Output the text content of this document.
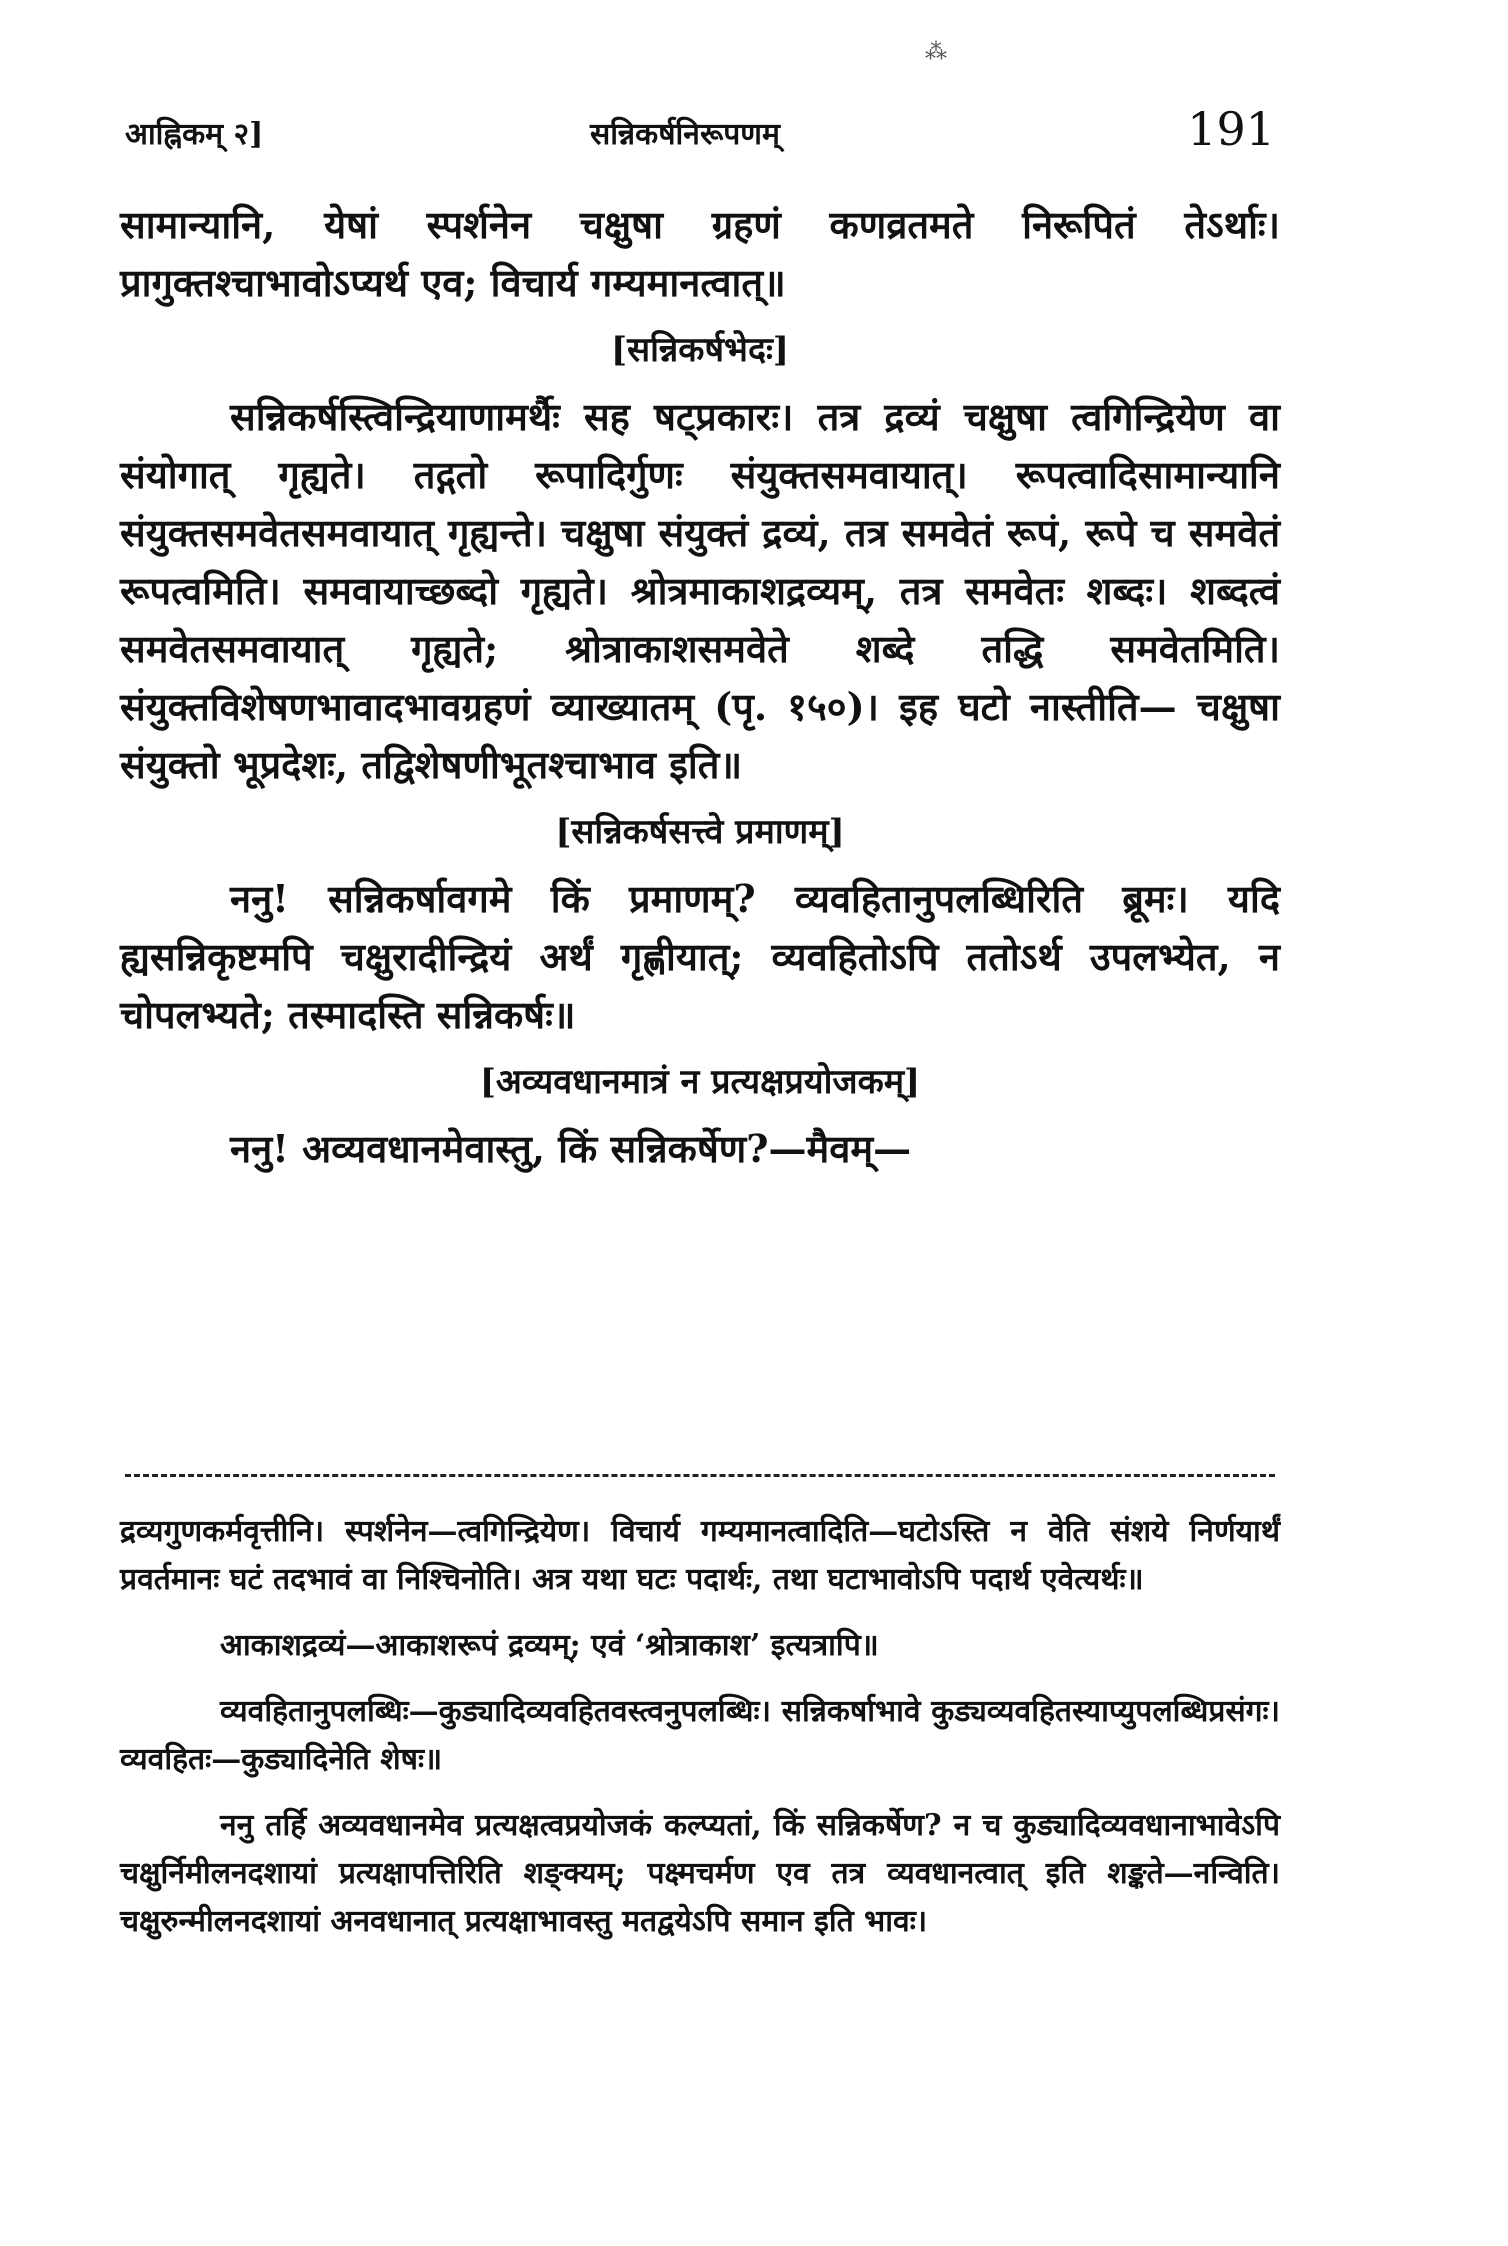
⁂
आह्निकम् २]	सन्निकर्षनिरूपणम्	191

सामान्यानि, येषां स्पर्शनेन चक्षुषा ग्रहणं कणव्रतमते निरूपितं तेऽर्थाः। प्रागुक्तश्चाभावोऽप्यर्थ एव; विचार्य गम्यमानत्वात्॥

[सन्निकर्षभेदः]

सन्निकर्षस्त्विन्द्रियाणामर्थैः सह षट्प्रकारः। तत्र द्रव्यं चक्षुषा त्वगिन्द्रियेण वा संयोगात् गृह्यते। तद्गतो रूपादिर्गुणः संयुक्तसमवायात्। रूपत्वादिसामान्यानि संयुक्तसमवेतसमवायात् गृह्यन्ते। चक्षुषा संयुक्तं द्रव्यं, तत्र समवेतं रूपं, रूपे च समवेतं रूपत्वमिति। समवायाच्छब्दो गृह्यते। श्रोत्रमाकाशद्रव्यम्, तत्र समवेतः शब्दः। शब्दत्वं समवेतसमवायात् गृह्यते; श्रोत्राकाशसमवेते शब्दे तद्धि समवेतमिति। संयुक्तविशेषणभावादभावग्रहणं व्याख्यातम् (पृ. १५०)। इह घटो नास्तीति— चक्षुषा संयुक्तो भूप्रदेशः, तद्विशेषणीभूतश्चाभाव इति॥

[सन्निकर्षसत्त्वे प्रमाणम्]

ननु! सन्निकर्षावगमे किं प्रमाणम्? व्यवहितानुपलब्धिरिति ब्रूमः। यदि ह्यसन्निकृष्टमपि चक्षुरादीन्द्रियं अर्थं गृह्णीयात्; व्यवहितोऽपि ततोऽर्थ उपलभ्येत, न चोपलभ्यते; तस्मादस्ति सन्निकर्षः॥

[अव्यवधानमात्रं न प्रत्यक्षप्रयोजकम्]

ननु! अव्यवधानमेवास्तु, किं सन्निकर्षेण?—मैवम्—

द्रव्यगुणकर्मवृत्तीनि। स्पर्शनेन—त्वगिन्द्रियेण। विचार्य गम्यमानत्वादिति—घटोऽस्ति न वेति संशये निर्णयार्थं प्रवर्तमानः घटं तदभावं वा निश्चिनोति। अत्र यथा घटः पदार्थः, तथा घटाभावोऽपि पदार्थ एवेत्यर्थः॥

आकाशद्रव्यं—आकाशरूपं द्रव्यम्; एवं ‘श्रोत्राकाश’ इत्यत्रापि॥

व्यवहितानुपलब्धिः—कुड्यादिव्यवहितवस्त्वनुपलब्धिः। सन्निकर्षाभावे कुड्यव्यवहितस्याप्युपलब्धिप्रसंगः। व्यवहितः—कुड्यादिनेति शेषः॥

ननु तर्हि अव्यवधानमेव प्रत्यक्षत्वप्रयोजकं कल्प्यतां, किं सन्निकर्षेण? न च कुड्यादिव्यवधानाभावेऽपि चक्षुर्निमीलनदशायां प्रत्यक्षापत्तिरिति शङ्क्यम्; पक्ष्मचर्मण एव तत्र व्यवधानत्वात् इति शङ्कते—नन्विति। चक्षुरुन्मीलनदशायां अनवधानात् प्रत्यक्षाभावस्तु मतद्वयेऽपि समान इति भावः।
